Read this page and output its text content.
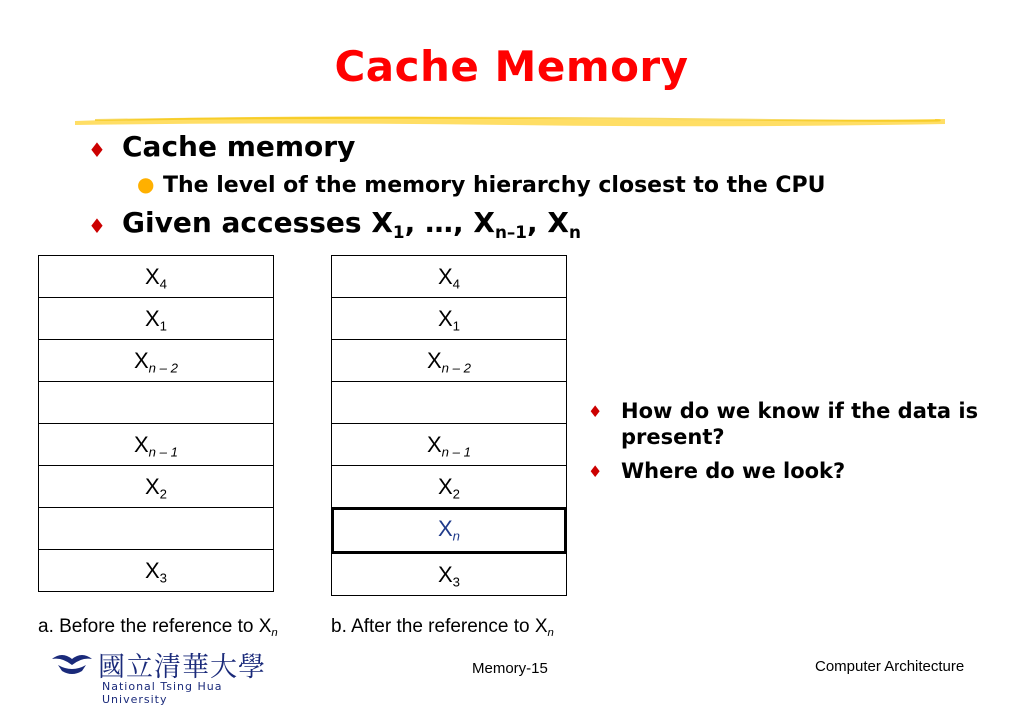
Cache Memory
♦ Cache memory
● The level of the memory hierarchy closest to the CPU
♦ Given accesses $X_1$, …, $X_{n-1}$, $X_n$
$X_4$
$X_1$
$X_{n - 2}$
$X_{n - 1}$
$X_2$
$X_3$
$X_4$
$X_1$
$X_{n - 2}$
$X_{n - 1}$
$X_2$
$X_n$
$X_3$
a. Before the reference to $X_n$	b. After the reference to $X_n$
♦ How do we know if the data is present?
♦ Where do we look?
國立清華大學
National Tsing Hua University
Memory-15	Computer Architecture
